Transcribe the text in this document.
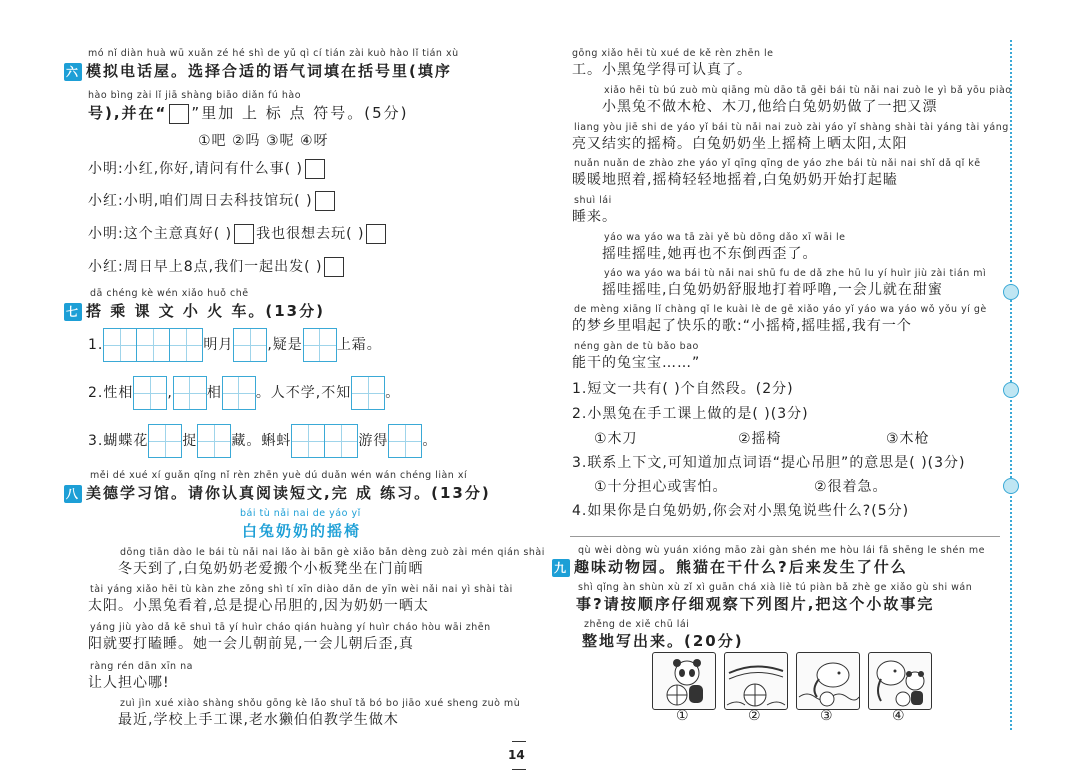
mó nǐ diàn huà wū xuǎn zé hé shì de yǔ qì cí tián zài kuò hào lǐ tián xù
六 模拟电话屋。选择合适的语气词填在括号里(填序
hào bìng zài lǐ jiā shàng biāo diǎn fú hào
号),并在“ ”里加 上 标 点 符号。(5分)
①吧 ②吗 ③呢 ④呀
小明:小红,你好,请问有什么事( )
小红:小明,咱们周日去科技馆玩( )
小明:这个主意真好( ) 我也很想去玩( )
小红:周日早上8点,我们一起出发( )
dā chéng kè wén xiǎo huǒ chē
七 搭 乘 课 文 小 火 车。(13分)
1.	明月 ,疑是 上霜。
2.性相 , 相 。人不学,不知 。
3.蝴蝶花 捉 藏。蝌蚪	游得 。
měi dé xué xí guǎn qǐng nǐ rèn zhēn yuè dú duǎn wén wán chéng liàn xí
八 美德学习馆。请你认真阅读短文,完 成 练习。(13分)
bái tù nǎi nai de yáo yǐ
白兔奶奶的摇椅
dōng tiān dào le bái tù nǎi nai lǎo ài bān gè xiǎo bǎn dèng zuò zài mén qián shài
冬天到了,白兔奶奶老爱搬个小板凳坐在门前晒
tài yáng xiǎo hēi tù kàn zhe zǒng shì tí xīn diào dǎn de yīn wèi nǎi nai yì shài tài
太阳。小黑兔看着,总是提心吊胆的,因为奶奶一晒太
yáng jiù yào dǎ kē shuì tā yí huìr cháo qián huàng yí huìr cháo hòu wāi zhēn
阳就要打瞌睡。她一会儿朝前晃,一会儿朝后歪,真
ràng rén dān xīn na
让人担心哪!
zuì jìn xué xiào shàng shǒu gōng kè lǎo shuǐ tǎ bó bo jiāo xué sheng zuò mù
最近,学校上手工课,老水獭伯伯教学生做木
14
gōng xiǎo hēi tù xué de kě rèn zhēn le
工。小黑兔学得可认真了。
xiǎo hēi tù bú zuò mù qiāng mù dāo tā gěi bái tù nǎi nai zuò le yì bǎ yōu piào
小黑兔不做木枪、木刀,他给白兔奶奶做了一把又漂
liang yòu jiē shi de yáo yǐ bái tù nǎi nai zuò zài yáo yǐ shàng shài tài yáng tài yáng
亮又结实的摇椅。白兔奶奶坐上摇椅上晒太阳,太阳
nuǎn nuǎn de zhào zhe yáo yǐ qīng qīng de yáo zhe bái tù nǎi nai shǐ dǎ qǐ kē
暖暖地照着,摇椅轻轻地摇着,白兔奶奶开始打起瞌
shuì lái
睡来。
yáo wa yáo wa tā zài yě bù dōng dǎo xī wāi le
摇哇摇哇,她再也不东倒西歪了。
yáo wa yáo wa bái tù nǎi nai shū fu de dǎ zhe hū lu yí huìr jiù zài tián mì
摇哇摇哇,白兔奶奶舒服地打着呼噜,一会儿就在甜蜜
de mèng xiāng lǐ chàng qǐ le kuài lè de gē xiǎo yáo yǐ yáo wa yáo wǒ yǒu yí gè
的梦乡里唱起了快乐的歌:“小摇椅,摇哇摇,我有一个
néng gàn de tù bǎo bao
能干的兔宝宝……”
1.短文一共有( )个自然段。(2分)
2.小黑兔在手工课上做的是( )(3分)
①木刀	②摇椅	③木枪
3.联系上下文,可知道加点词语“提心吊胆”的意思是( )(3分)
①十分担心或害怕。	②很着急。
4.如果你是白兔奶奶,你会对小黑兔说些什么?(5分)
qù wèi dòng wù yuán xióng māo zài gàn shén me hòu lái fā shēng le shén me
九 趣味动物园。熊猫在干什么?后来发生了什么
shì qǐng àn shùn xù zǐ xì guān chá xià liè tú piàn bǎ zhè ge xiǎo gù shi wán
事?请按顺序仔细观察下列图片,把这个小故事完
zhěng de xiě chū lái
整地写出来。(20分)
①	②	③	④
